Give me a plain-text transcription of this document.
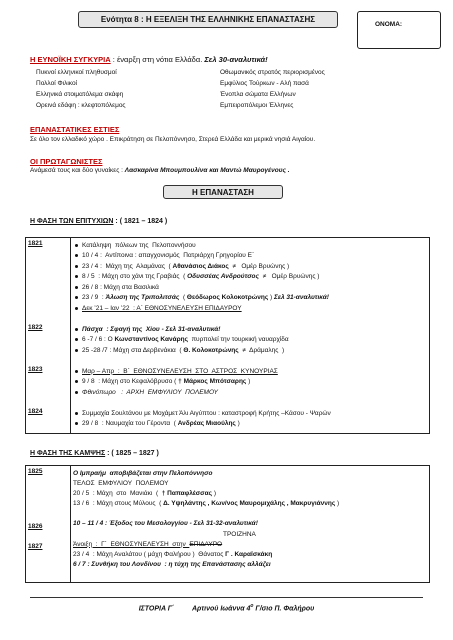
Ενότητα 8 : Η ΕΞΕΛΙΞΗ ΤΗΣ ΕΛΛΗΝΙΚΗΣ ΕΠΑΝΑΣΤΑΣΗΣ
ΟΝΟΜΑ:
Η ΕΥΝΟΪΚΗ ΣΥΓΚΥΡΙΑ : έναρξη στη νότια Ελλάδα. Σελ 30-αναλυτικά!
Πυκνοί ελληνικοί πληθυσμοί
Πολλοί Φιλικοί
Ελληνικά στοιματόλεμα σκάφη
Ορεινά εδάφη : κλεφτοπόλεμος
Οθωμανικός στρατός περιορισμένος
Εμφύλιος Τούρκων - Αλή πασά
Ένοπλα σώματα Ελλήνων
Εμπειροπόλεμοι Έλληνες
ΕΠΑΝΑΣΤΑΤΙΚΕΣ ΕΣΤΙΕΣ
Σε όλο τον ελλαδικό χώρο . Επικράτηση σε Πελοπόννησο, Στερεά Ελλάδα και μερικά νησιά Αιγαίου.
ΟΙ ΠΡΩΤΑΓΩΝΙΣΤΕΣ
Ανάμεσά τους και δύο γυναίκες : Λασκαρίνα Μπουμπουλίνα και Μαντώ Μαυρογένους .
Η ΕΠΑΝΑΣΤΑΣΗ
Η ΦΑΣΗ ΤΩΝ ΕΠΙΤΥΧΙΩΝ : ( 1821 – 1824 )
1821
1822
1823
1824
Κατάληψη  πόλεων της  Πελοποννήσου
10 / 4 :  Αντίποινα : απαγχονισμός  Πατριάρχη Γρηγορίου Ε΄
23 / 4 :  Μάχη της  Αλαμάνας  ( Αθανάσιος Διάκος ≠   Ομέρ Βρυώνης )
8 / 5  : Μάχη στο χάνι της Γραβιάς  ( Οδυσσέας Ανδρούτσος ≠   Ομέρ Βρυώνης )
26 / 8 : Μάχη στα Βασιλικά
23 / 9  : Άλωση της Τριπολιτσάς ( Θεόδωρος Κολοκοτρώνης ) Σελ 31-αναλυτικά!
Δεκ ’21 – Ιαν ’22  : Α΄ ΕΘΝΟΣΥΝΕΛΕΥΣΗ ΕΠΙΔΑΥΡΟΥ
Πάσχα  : Σφαγή της  Χίου - Σελ 31-αναλυτικά!
6 -7 / 6 : Ο Κωνσταντίνος Κανάρης πυρπολεί την τουρκική ναυαρχίδα
25 -28 /7 : Μάχη στα Δερβενάκια  ( Θ. Κολοκοτρώνης ≠  Δράμαλης  )
Μαρ – Απρ  :  Β΄  ΕΘΝΟΣΥΝΕΛΕΥΣΗ  ΣΤΟ  ΑΣΤΡΟΣ  ΚΥΝΟΥΡΙΑΣ
9 / 8  : Μάχη στο Κεφαλόβρυσο ( † Μάρκος Μπότσαρης )
Φθινόπωρο   :  ΑΡΧΗ  ΕΜΦΥΛΙΟΥ  ΠΟΛΕΜΟΥ
Συμμαχία Σουλτάνου με Μοχάμετ Άλι Αιγύπτου : καταστροφή Κρήτης –Κάσου - Ψαρών
29 / 8  : Ναυμαχία του Γέροντα  ( Ανδρέας Μιαούλης )
Η ΦΑΣΗ ΤΗΣ ΚΑΜΨΗΣ : ( 1825 – 1827 )
1825
1826
1827
Ο Ιμπραήμ  αποβιβάζεται στην Πελοπόννησο
ΤΕΛΟΣ  ΕΜΦΥΛΙΟΥ  ΠΟΛΕΜΟΥ
20 / 5  : Μάχη  στο  Μανιάκι  ( † Παπαφλέσσας )
13 / 6  : Μάχη στους Μύλους  ( Δ. Υψηλάντης , Κων/νος Μαυρομιχάλης , Μακρυγιάννης )
10 – 11 / 4 : Έξοδος του Μεσολογγίου - Σελ 31-32-αναλυτικά!
ΤΡΟΙΖΗΝΑ
Άνοιξη  :  Γ΄  ΕΘΝΟΣΥΝΕΛΕΥΣΗ  στην ΕΠΙΔΑΥΡΟ
23 / 4  : Μάχη Αναλάτου ( μάχη Φαλήρου )  Θάνατος Γ . Καραϊσκάκη
6 / 7 : Συνθήκη του Λονδίνου  : η τύχη της Επανάστασης αλλάζει
ΙΣΤΟΡΙΑ Γ΄	Αρτινού Ιωάννα $4^o$ Γ/σιο Π. Φαλήρου
